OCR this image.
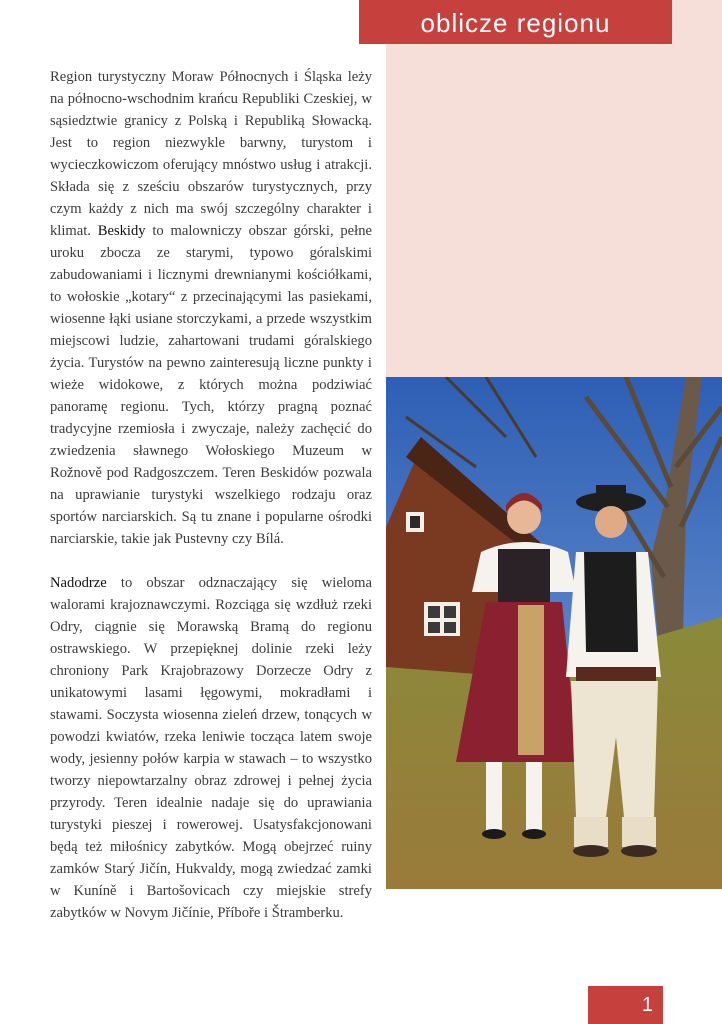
oblicze regionu

Region turystyczny Moraw Północnych i Śląska leży na północno-wschodnim krańcu Republiki Czeskiej, w sąsiedztwie granicy z Polską i Republiką Słowacką. Jest to region niezwykle barwny, turystom i wycieczkowiczom oferujący mnóstwo usług i atrakcji. Składa się z sześciu obszarów turystycznych, przy czym każdy z nich ma swój szczególny charakter i klimat. Beskidy to malowniczy obszar górski, pełne uroku zbocza ze starymi, typowo góralskimi zabudowaniami i licznymi drewnianymi kościółkami, to wołoskie „kotary“ z przecinającymi las pasiekami, wiosenne łąki usiane storczykami, a przede wszystkim miejscowi ludzie, zahartowani trudami góralskiego życia. Turystów na pewno zainteresują liczne punkty i wieże widokowe, z których można podziwiać panoramę regionu. Tych, którzy pragną poznać tradycyjne rzemiosła i zwyczaje, należy zachęcić do zwiedzenia sławnego Wołoskiego Muzeum w Rožnově pod Radgoszczem. Teren Beskidów pozwala na uprawianie turystyki wszelkiego rodzaju oraz sportów narciarskich. Są tu znane i popularne ośrodki narciarskie, takie jak Pustevny czy Bílá.

Nadodrze to obszar odznaczający się wieloma walorami krajoznawczymi. Rozciąga się wzdłuż rzeki Odry, ciągnie się Morawską Bramą do regionu ostrawskiego. W przepięknej dolinie rzeki leży chroniony Park Krajobrazowy Dorzecze Odry z unikatowymi lasami łęgowymi, mokradłami i stawami. Soczysta wiosenna zieleń drzew, tonących w powodzi kwiatów, rzeka leniwie tocząca latem swoje wody, jesienny połów karpia w stawach – to wszystko tworzy niepowtarzalny obraz zdrowej i pełnej życia przyrody. Teren idealnie nadaje się do uprawiania turystyki pieszej i rowerowej. Usatysfakcjonowani będą też miłośnicy zabytków. Mogą obejrzeć ruiny zamków Starý Jičín, Hukvaldy, mogą zwiedzać zamki w Kuníně i Bartošovicach czy miejskie strefy zabytków w Novym Jičínie, Příboře i Štramberku.

1
